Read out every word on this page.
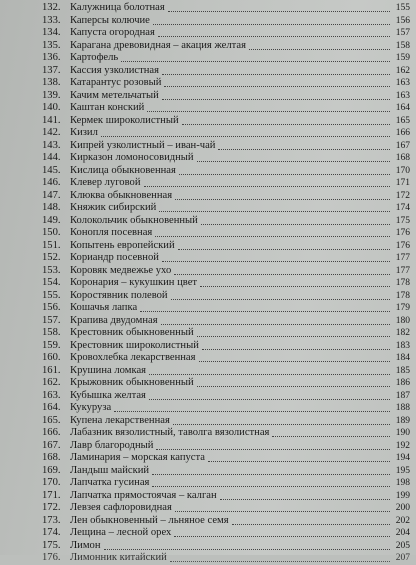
132. Калужница болотная	155
133. Каперсы колючие	156
134. Капуста огородная	157
135. Карагана древовидная – акация желтая	158
136. Картофель	159
137. Кассия узколистная	162
138. Катарантус розовый	163
139. Качим метельчатый	163
140. Каштан конский	164
141. Кермек широколистный	165
142. Кизил	166
143. Кипрей узколистный – иван-чай	167
144. Кирказон ломоносовидный	168
145. Кислица обыкновенная	170
146. Клевер луговой	171
147. Клюква обыкновенная	172
148. Княжик сибирский	174
149. Колокольчик обыкновенный	175
150. Конопля посевная	176
151. Копытень европейский	176
152. Кориандр посевной	177
153. Коровяк медвежье ухо	177
154. Коронария – кукушкин цвет	178
155. Коростявник полевой	178
156. Кошачья лапка	179
157. Крапива двудомная	180
158. Крестовник обыкновенный	182
159. Крестовник широколистный	183
160. Кровохлебка лекарственная	184
161. Крушина ломкая	185
162. Крыжовник обыкновенный	186
163. Кубышка желтая	187
164. Кукуруза	188
165. Купена лекарственная	189
166. Лабазник вязолистный, таволга вязолистная	190
167. Лавр благородный	192
168. Ламинария – морская капуста	194
169. Ландыш майский	195
170. Лапчатка гусиная	198
171. Лапчатка прямостоячая – калган	199
172. Левзея сафлоровидная	200
173. Лен обыкновенный – льняное семя	202
174. Лещина – лесной орех	204
175. Лимон	205
176. Лимонник китайский	207
